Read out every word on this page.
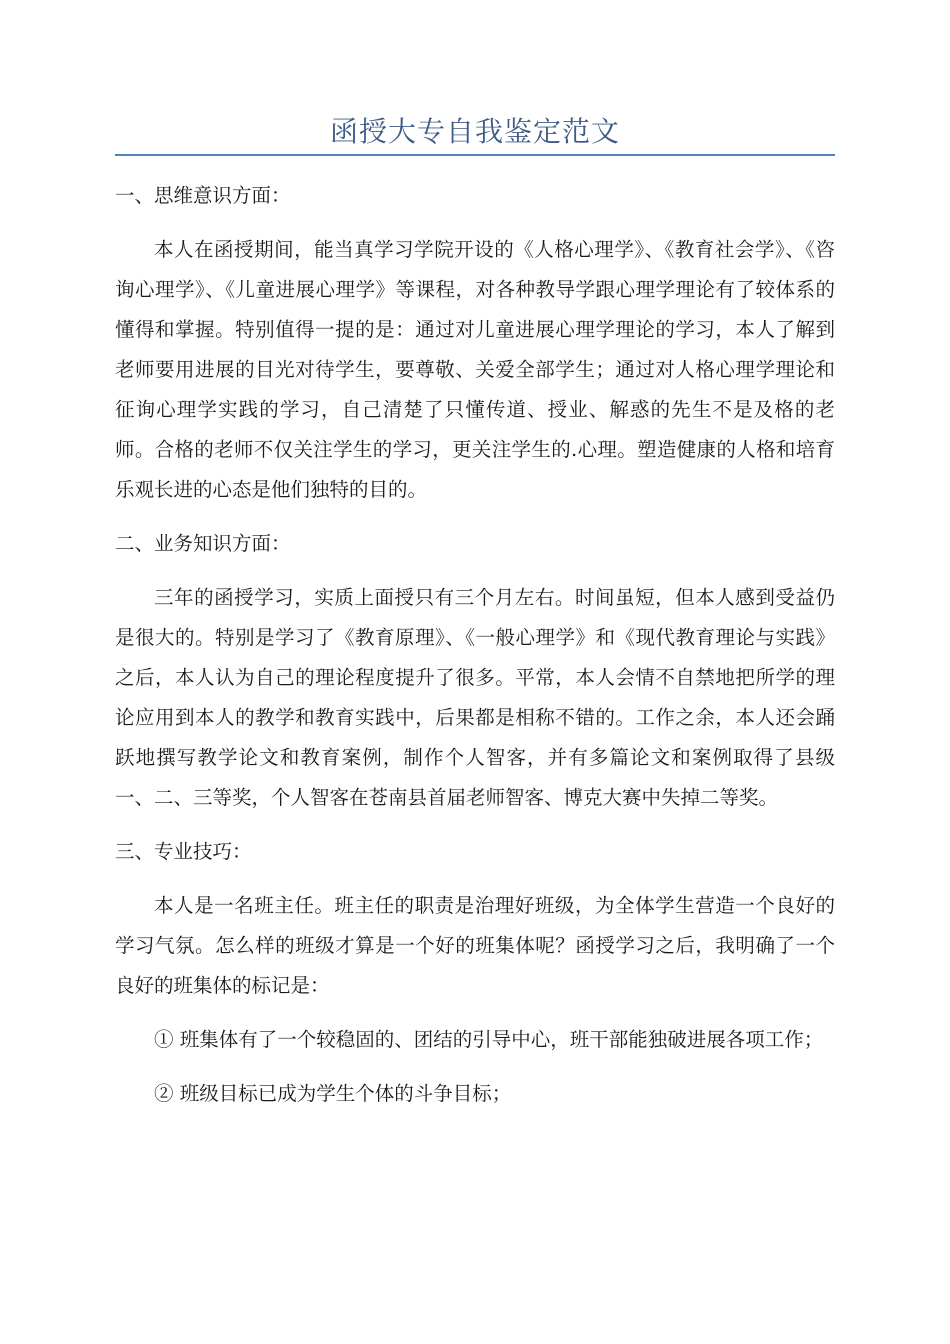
函授大专自我鉴定范文

一、思维意识方面：

本人在函授期间，能当真学习学院开设的《人格心理学》、《教育社会学》、《咨询心理学》、《儿童进展心理学》等课程，对各种教导学跟心理学理论有了较体系的懂得和掌握。特别值得一提的是：通过对儿童进展心理学理论的学习，本人了解到老师要用进展的目光对待学生，要尊敬、关爱全部学生；通过对人格心理学理论和征询心理学实践的学习，自己清楚了只懂传道、授业、解惑的先生不是及格的老师。合格的老师不仅关注学生的学习，更关注学生的.心理。塑造健康的人格和培育乐观长进的心态是他们独特的目的。

二、业务知识方面：

三年的函授学习，实质上面授只有三个月左右。时间虽短，但本人感到受益仍是很大的。特别是学习了《教育原理》、《一般心理学》和《现代教育理论与实践》之后，本人认为自己的理论程度提升了很多。平常，本人会情不自禁地把所学的理论应用到本人的教学和教育实践中，后果都是相称不错的。工作之余，本人还会踊跃地撰写教学论文和教育案例，制作个人智客，并有多篇论文和案例取得了县级一、二、三等奖，个人智客在苍南县首届老师智客、博克大赛中失掉二等奖。

三、专业技巧：

本人是一名班主任。班主任的职责是治理好班级，为全体学生营造一个良好的学习气氛。怎么样的班级才算是一个好的班集体呢？函授学习之后，我明确了一个良好的班集体的标记是：

① 班集体有了一个较稳固的、团结的引导中心，班干部能独破进展各项工作；

② 班级目标已成为学生个体的斗争目标；
